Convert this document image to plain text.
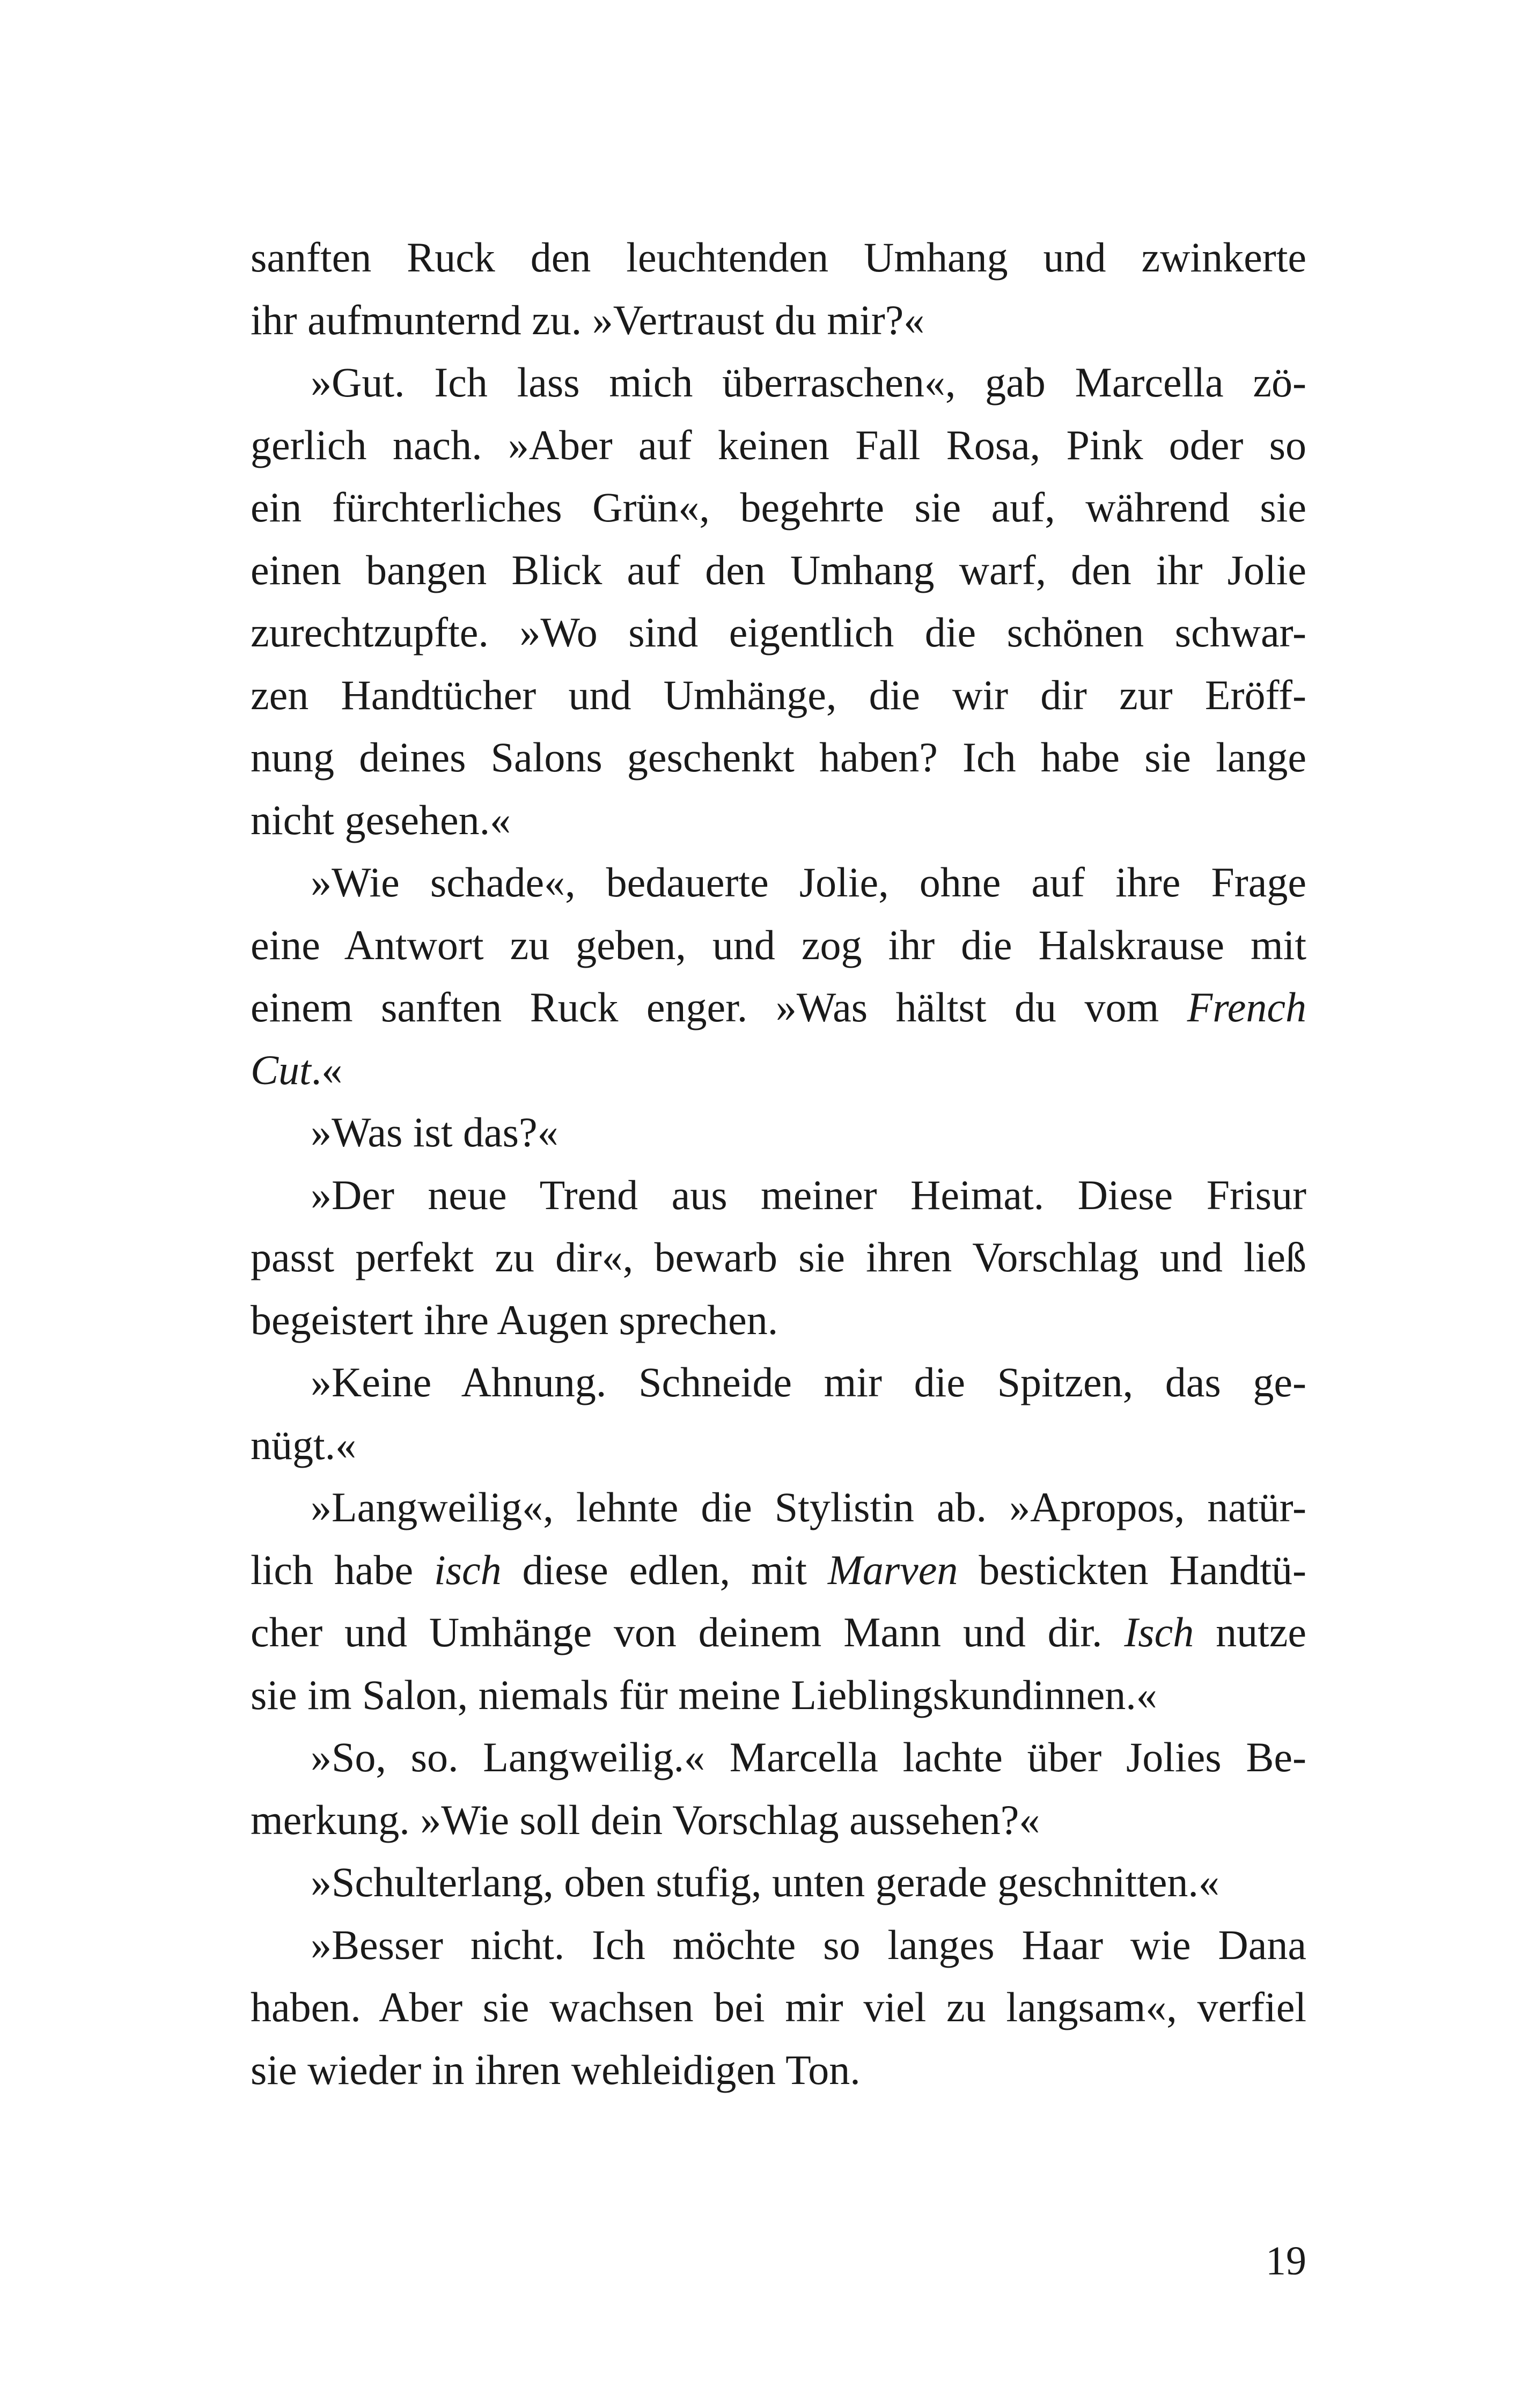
sanften Ruck den leuchtenden Umhang und zwinkerte
ihr aufmunternd zu. »Vertraust du mir?«
»Gut. Ich lass mich überraschen«, gab Marcella zö-
gerlich nach. »Aber auf keinen Fall Rosa, Pink oder so
ein fürchterliches Grün«, begehrte sie auf, während sie
einen bangen Blick auf den Umhang warf, den ihr Jolie
zurechtzupfte. »Wo sind eigentlich die schönen schwar-
zen Handtücher und Umhänge, die wir dir zur Eröff-
nung deines Salons geschenkt haben? Ich habe sie lange
nicht gesehen.«
»Wie schade«, bedauerte Jolie, ohne auf ihre Frage
eine Antwort zu geben, und zog ihr die Halskrause mit
einem sanften Ruck enger. »Was hältst du vom French
Cut.«
»Was ist das?«
»Der neue Trend aus meiner Heimat. Diese Frisur
passt perfekt zu dir«, bewarb sie ihren Vorschlag und ließ
begeistert ihre Augen sprechen.
»Keine Ahnung. Schneide mir die Spitzen, das ge-
nügt.«
»Langweilig«, lehnte die Stylistin ab. »Apropos, natür-
lich habe isch diese edlen, mit Marven bestickten Handtü-
cher und Umhänge von deinem Mann und dir. Isch nutze
sie im Salon, niemals für meine Lieblingskundinnen.«
»So, so. Langweilig.« Marcella lachte über Jolies Be-
merkung. »Wie soll dein Vorschlag aussehen?«
»Schulterlang, oben stufig, unten gerade geschnitten.«
»Besser nicht. Ich möchte so langes Haar wie Dana
haben. Aber sie wachsen bei mir viel zu langsam«, verfiel
sie wieder in ihren wehleidigen Ton.
19
